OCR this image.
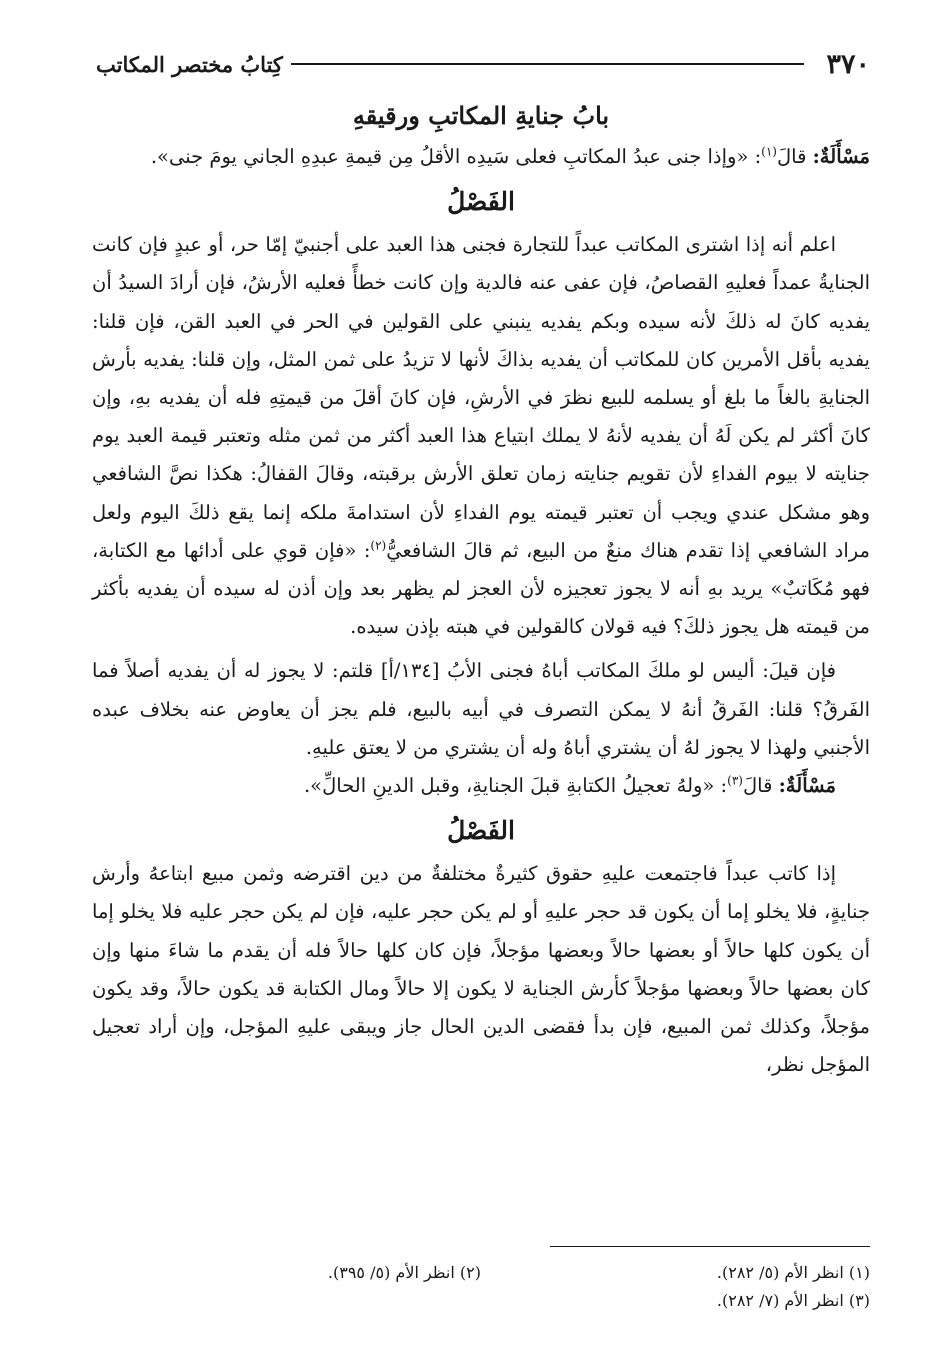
٣٧٠
كِتابُ مختصر المكاتب
بابُ جنايةِ المكاتبِ ورقيقهِ

مَسْأَلَةٌ: قالَ$^{(١)}$: «وإذا جنى عبدُ المكاتبِ فعلى سَيدِه الأقلُ مِن قيمةِ عبدِهِ الجاني يومَ جنى».

الفَصْلُ

اعلم أنه إذا اشترى المكاتب عبداً للتجارة فجنى هذا العبد على أجنبيّ إمّا حر، أو عبدٍ فإن كانت الجنايةُ عمداً فعليهِ القصاصُ، فإن عفى عنه فالدية وإن كانت خطأً فعليه الأرشُ، فإن أرادَ السيدُ أن يفديه كانَ له ذلكَ لأنه سيده وبكم يفديه ينبني على القولين في الحر في العبد القن، فإن قلنا: يفديه بأقل الأمرين كان للمكاتب أن يفديه بذاكَ لأنها لا تزيدُ على ثمن المثل، وإن قلنا: يفديه بأرش الجنايةِ بالغاً ما بلغ أو يسلمه للبيع نظرَ في الأرشِ، فإن كانَ أقلَ من قيمتِهِ فله أن يفديه بهِ، وإن كانَ أكثر لم يكن لَهُ أن يفديه لأنهُ لا يملك ابتياع هذا العبد أكثر من ثمن مثله وتعتبر قيمة العبد يوم جنايته لا بيوم الفداءِ لأن تقويم جنايته زمان تعلق الأرش برقبته، وقالَ القفالُ: هكذا نصَّ الشافعي وهو مشكل عندي ويجب أن تعتبر قيمته يوم الفداءِ لأن استدامةَ ملكه إنما يقع ذلكَ اليوم ولعل مراد الشافعي إذا تقدم هناك منعٌ من البيع، ثم قالَ الشافعيُّ$^{(٢)}$: «فإن قوي على أدائها مع الكتابة، فهو مُكَاتبٌ» يريد بهِ أنه لا يجوز تعجيزه لأن العجز لم يظهر بعد وإن أذن له سيده أن يفديه بأكثر من قيمته هل يجوز ذلكَ؟ فيه قولان كالقولين في هبته بإذن سيده.

فإن قيلَ: أليس لو ملكَ المكاتب أباهُ فجنى الأبُ [١٣٤/أ] قلتم: لا يجوز له أن يفديه أصلاً فما الفَرقُ؟ قلنا: الفَرقُ أنهُ لا يمكن التصرف في أبيه بالبيع، فلم يجز أن يعاوض عنه بخلاف عبده الأجنبي ولهذا لا يجوز لهُ أن يشتري أباهُ وله أن يشتري من لا يعتق عليهِ.

مَسْأَلَةٌ: قالَ$^{(٣)}$: «ولهُ تعجيلُ الكتابةِ قبلَ الجنايةِ، وقبل الدينِ الحالِّ».

الفَصْلُ

إذا كاتب عبداً فاجتمعت عليهِ حقوق كثيرةٌ مختلفةٌ من دين اقترضه وثمن مبيع ابتاعهُ وأرش جنايةٍ، فلا يخلو إما أن يكون قد حجر عليهِ أو لم يكن حجر عليه، فإن لم يكن حجر عليه فلا يخلو إما أن يكون كلها حالاً أو بعضها حالاً وبعضها مؤجلاً، فإن كان كلها حالاً فله أن يقدم ما شاءَ منها وإن كان بعضها حالاً وبعضها مؤجلاً كأرش الجناية لا يكون إلا حالاً ومال الكتابة قد يكون حالاً، وقد يكون مؤجلاً، وكذلك ثمن المبيع، فإن بدأ فقضى الدين الحال جاز ويبقى عليهِ المؤجل، وإن أراد تعجيل المؤجل نظر،

(١) انظر الأم (٥/ ٢٨٢).
(٢) انظر الأم (٥/ ٣٩٥).
(٣) انظر الأم (٧/ ٢٨٢).
